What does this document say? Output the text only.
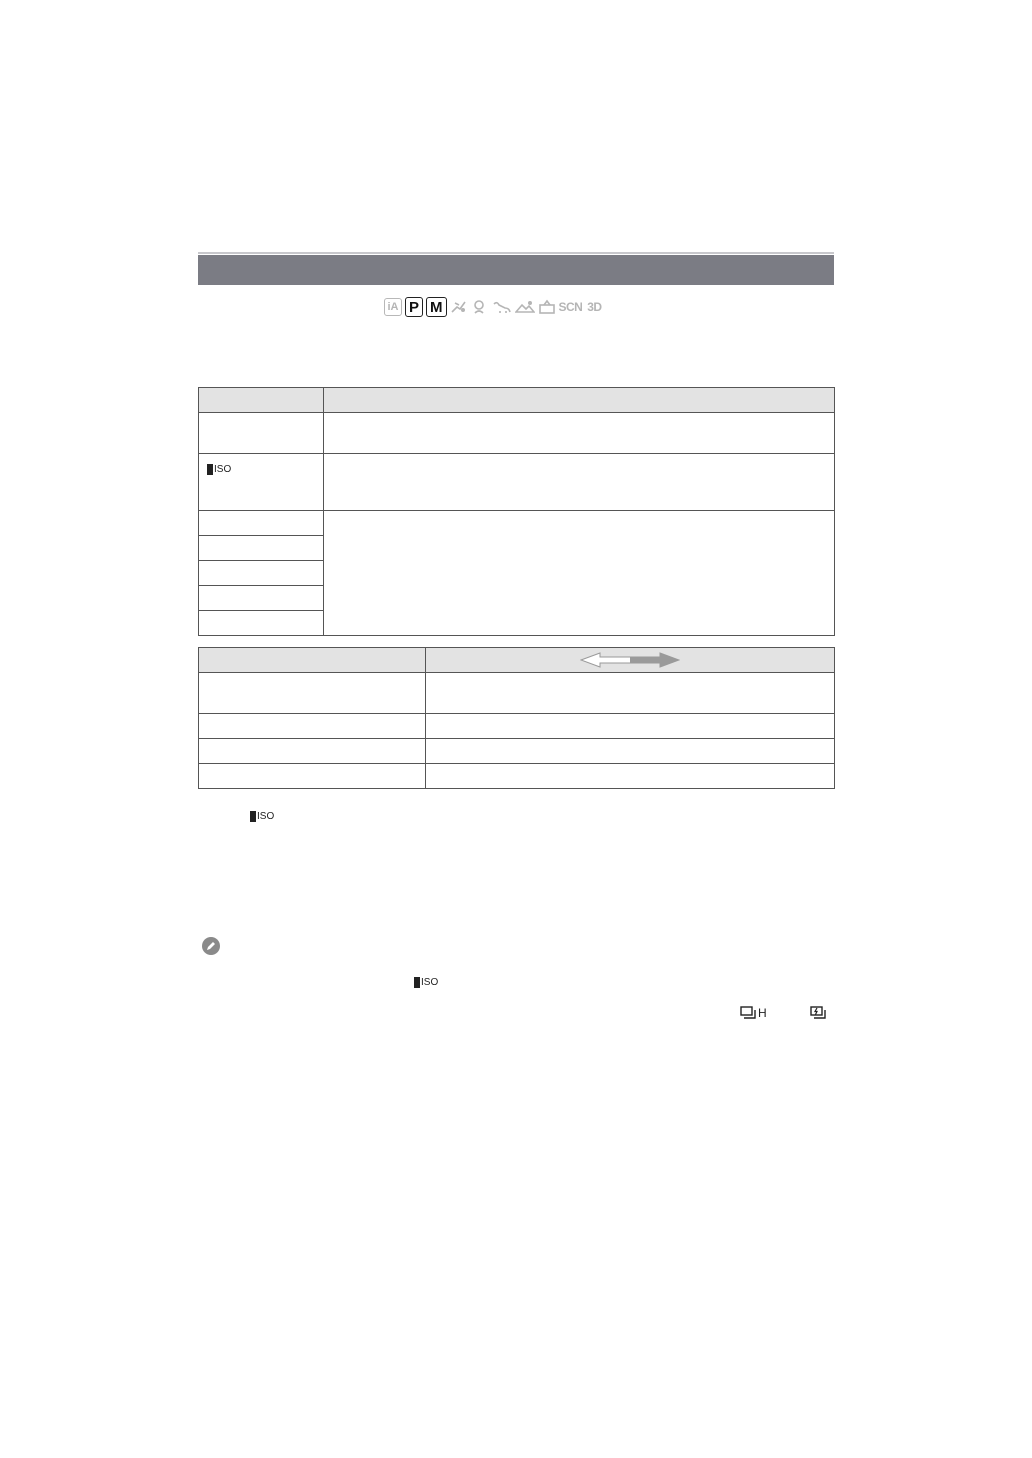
iA P M	SCN 3D

ISO	

ISO
ISO
H
